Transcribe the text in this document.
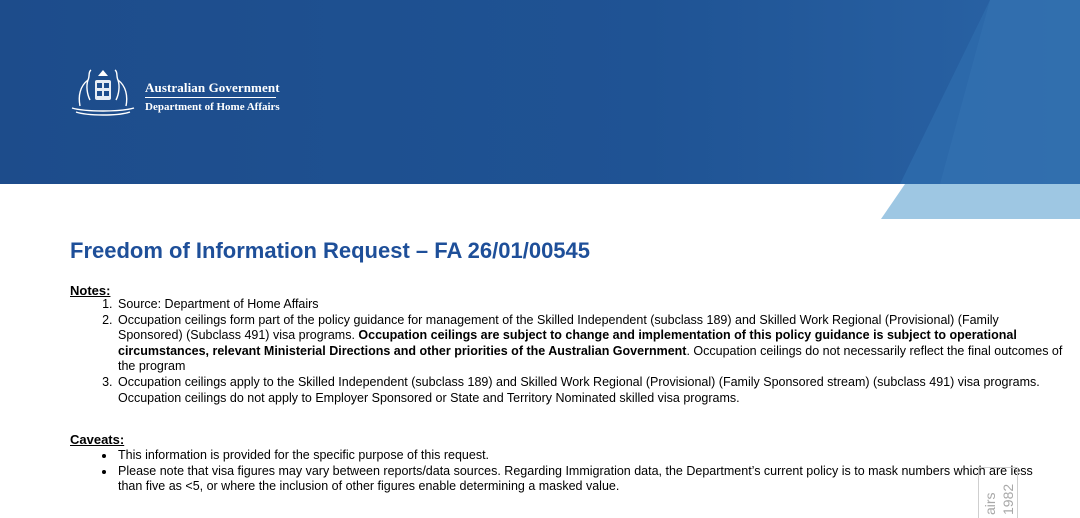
Australian Government
Department of Home Affairs
Freedom of Information Request – FA 26/01/00545
Notes:
1. Source: Department of Home Affairs
2. Occupation ceilings form part of the policy guidance for management of the Skilled Independent (subclass 189) and Skilled Work Regional (Provisional) (Family Sponsored) (Subclass 491) visa programs. Occupation ceilings are subject to change and implementation of this policy guidance is subject to operational circumstances, relevant Ministerial Directions and other priorities of the Australian Government. Occupation ceilings do not necessarily reflect the final outcomes of the program
3. Occupation ceilings apply to the Skilled Independent (subclass 189) and Skilled Work Regional (Provisional) (Family Sponsored stream) (subclass 491) visa programs. Occupation ceilings do not apply to Employer Sponsored or State and Territory Nominated skilled visa programs.
Caveats:
• This information is provided for the specific purpose of this request.
• Please note that visa figures may vary between reports/data sources. Regarding Immigration data, the Department’s current policy is to mask numbers which are less than five as <5, or where the inclusion of other figures enable determining a masked value.	1982
airs
